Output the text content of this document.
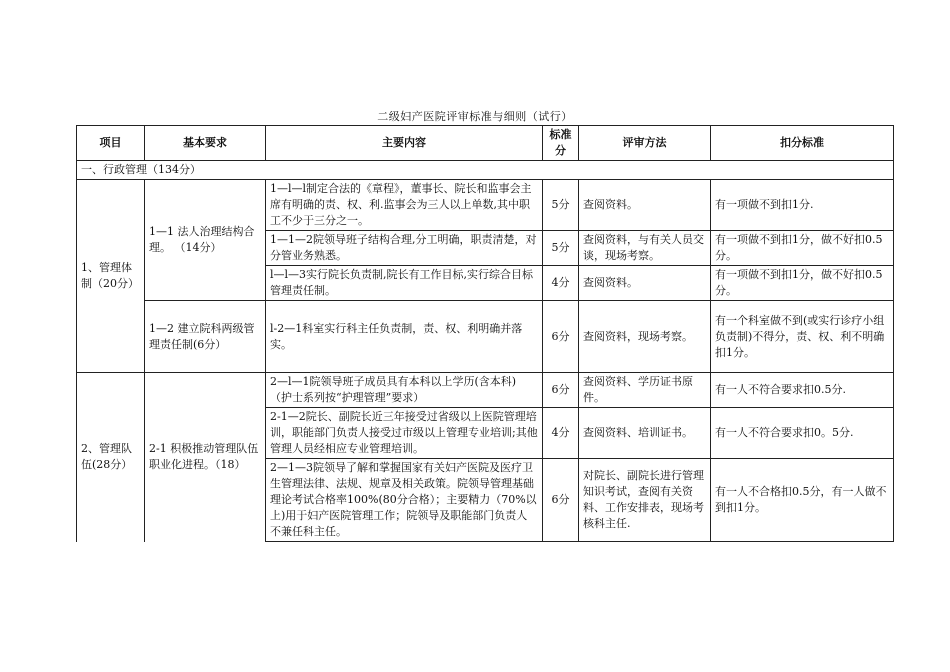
二级妇产医院评审标准与细则（试行）
项目	基本要求	主要内容	标准分	评审方法	扣分标准
一、行政管理（134分）					
1、管理体制（20分）	1—1 法人治理结构合理。 （14分）	1—l—l制定合法的《章程》，董事长、院长和监事会主席有明确的责、权、利.监事会为三人以上单数,其中职工不少于三分之一。	5分	查阅资料。	有一项做不到扣1分.
		1—1—2院领导班子结构合理,分工明确，职责清楚，对分管业务熟悉。	5分	查阅资料，与有关人员交谈，现场考察。	有一项做不到扣1分，做不好扣0.5分。
		l—l—3实行院长负责制,院长有工作目标,实行综合目标管理责任制。	4分	查阅资料。	有一项做不到扣1分，做不好扣0.5分。
	1—2 建立院科两级管理责任制(6分）	l-2—1科室实行科主任负责制，责、权、利明确并落实。	6分	查阅资料，现场考察。	有一个科室做不到(或实行诊疗小组负责制)不得分，责、权、利不明确扣1分。
2、管理队伍(28分）	2-1 积极推动管理队伍职业化进程。（18）	2—l—1院领导班子成员具有本科以上学历(含本科)（护士系列按“护理管理”要求）	6分	查阅资料、学历证书原件。	有一人不符合要求扣0.5分.
		2-1—2院长、副院长近三年接受过省级以上医院管理培训，职能部门负责人接受过市级以上管理专业培训;其他管理人员经相应专业管理培训。	4分	查阅资料、培训证书。	有一人不符合要求扣0。5分.
		2—1—3院领导了解和掌握国家有关妇产医院及医疗卫生管理法律、法规、规章及相关政策。院领导管理基础理论考试合格率100%(80分合格）；主要精力（70%以上)用于妇产医院管理工作；院领导及职能部门负责人不兼任科主任。	6分	对院长、副院长进行管理知识考试，查阅有关资料、工作安排表，现场考核科主任.	有一人不合格扣0.5分，有一人做不到扣1分。
